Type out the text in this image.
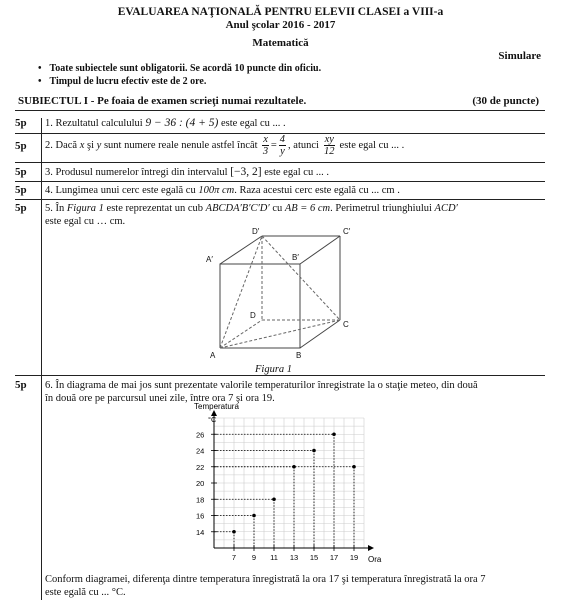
EVALUAREA NAŢIONALĂ PENTRU ELEVII CLASEI a VIII-a
Anul şcolar 2016 - 2017
Matematică
Simulare
• Toate subiectele sunt obligatorii. Se acordă 10 puncte din oficiu.
• Timpul de lucru efectiv este de 2 ore.
SUBIECTUL I - Pe foaia de examen scrieţi numai rezultatele.	(30 de puncte)
5p	1. Rezultatul calculului 9 − 36 : (4 + 5) este egal cu ... .
5p	2. Dacă x şi y sunt numere reale nenule astfel încât $\frac{x}{3} = \frac{4}{y}$ , atunci $\frac{xy}{12}$ este egal cu ... .
5p	3. Produsul numerelor întregi din intervalul [−3, 2] este egal cu ... .
5p	4. Lungimea unui cerc este egală cu 100π cm. Raza acestui cerc este egală cu ... cm .
5p	5. În Figura 1 este reprezentat un cub ABCDA′B′C′D′ cu AB = 6 cm. Perimetrul triunghiului ACD′
este egal cu … cm.
D′	C′
A′	B′
D
C
A	B
Figura 1
5p	6. În diagrama de mai jos sunt prezentate valorile temperaturilor înregistrate la o staţie meteo, din două
în două ore pe parcursul unei zile, între ora 7 şi ora 19.
Temperatura
°C
Ora
14
16
18
20
22
24
26
7 9 11 13 15 17 19
Conform diagramei, diferenţa dintre temperatura înregistrată la ora 17 şi temperatura înregistrată la ora 7
este egală cu ... °C.
